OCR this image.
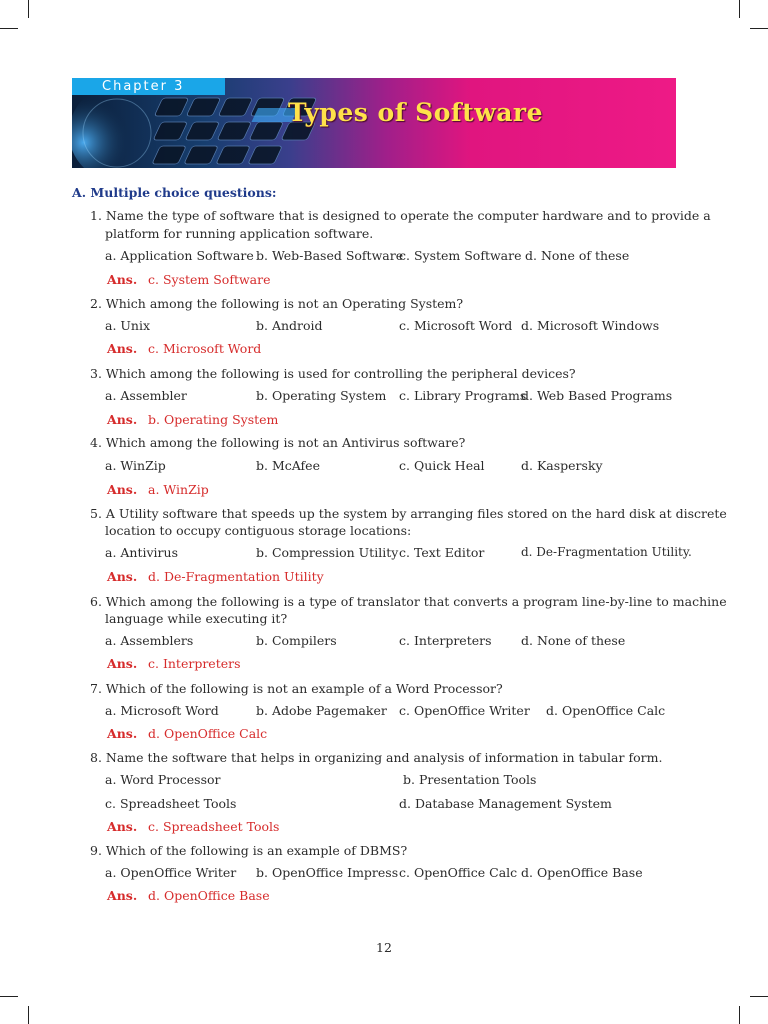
Chapter 3
Types of Software
A. Multiple choice questions:
1. Name the type of software that is designed to operate the computer hardware and to provide a
platform for running application software.
a. Application Software b. Web-Based Software
c. System Software d. None of these
Ans. c. System Software
2. Which among the following is not an Operating System?
a. Unix	b. Android	c. Microsoft Word d. Microsoft Windows
Ans. c. Microsoft Word
3. Which among the following is used for controlling the peripheral devices?
a. Assembler	b. Operating System c. Library Programs
d. Web Based Programs
Ans. b. Operating System
4. Which among the following is not an Antivirus software?
a. WinZip	b. McAfee	c. Quick Heal	d. Kaspersky
Ans. a. WinZip
5. A Utility software that speeds up the system by arranging files stored on the hard disk at discrete
location to occupy contiguous storage locations:
a. Antivirus	b. Compression Utility c. Text Editor	d. De-Fragmentation Utility.
Ans. d. De-Fragmentation Utility
6. Which among the following is a type of translator that converts a program line-by-line to machine
language while executing it?
a. Assemblers	b. Compilers	c. Interpreters d. None of these
Ans. c. Interpreters
7. Which of the following is not an example of a Word Processor?
a. Microsoft Word	b. Adobe Pagemaker c. OpenOffice Writer d. OpenOffice Calc
Ans. d. OpenOffice Calc
8. Name the software that helps in organizing and analysis of information in tabular form.
a. Word Processor	b. Presentation Tools
c. Spreadsheet Tools	d. Database Management System
Ans. c. Spreadsheet Tools
9. Which of the following is an example of DBMS?
a. OpenOffice Writer b. OpenOffice Impress c. OpenOffice Calc d. OpenOffice Base
Ans. d. OpenOffice Base
12
